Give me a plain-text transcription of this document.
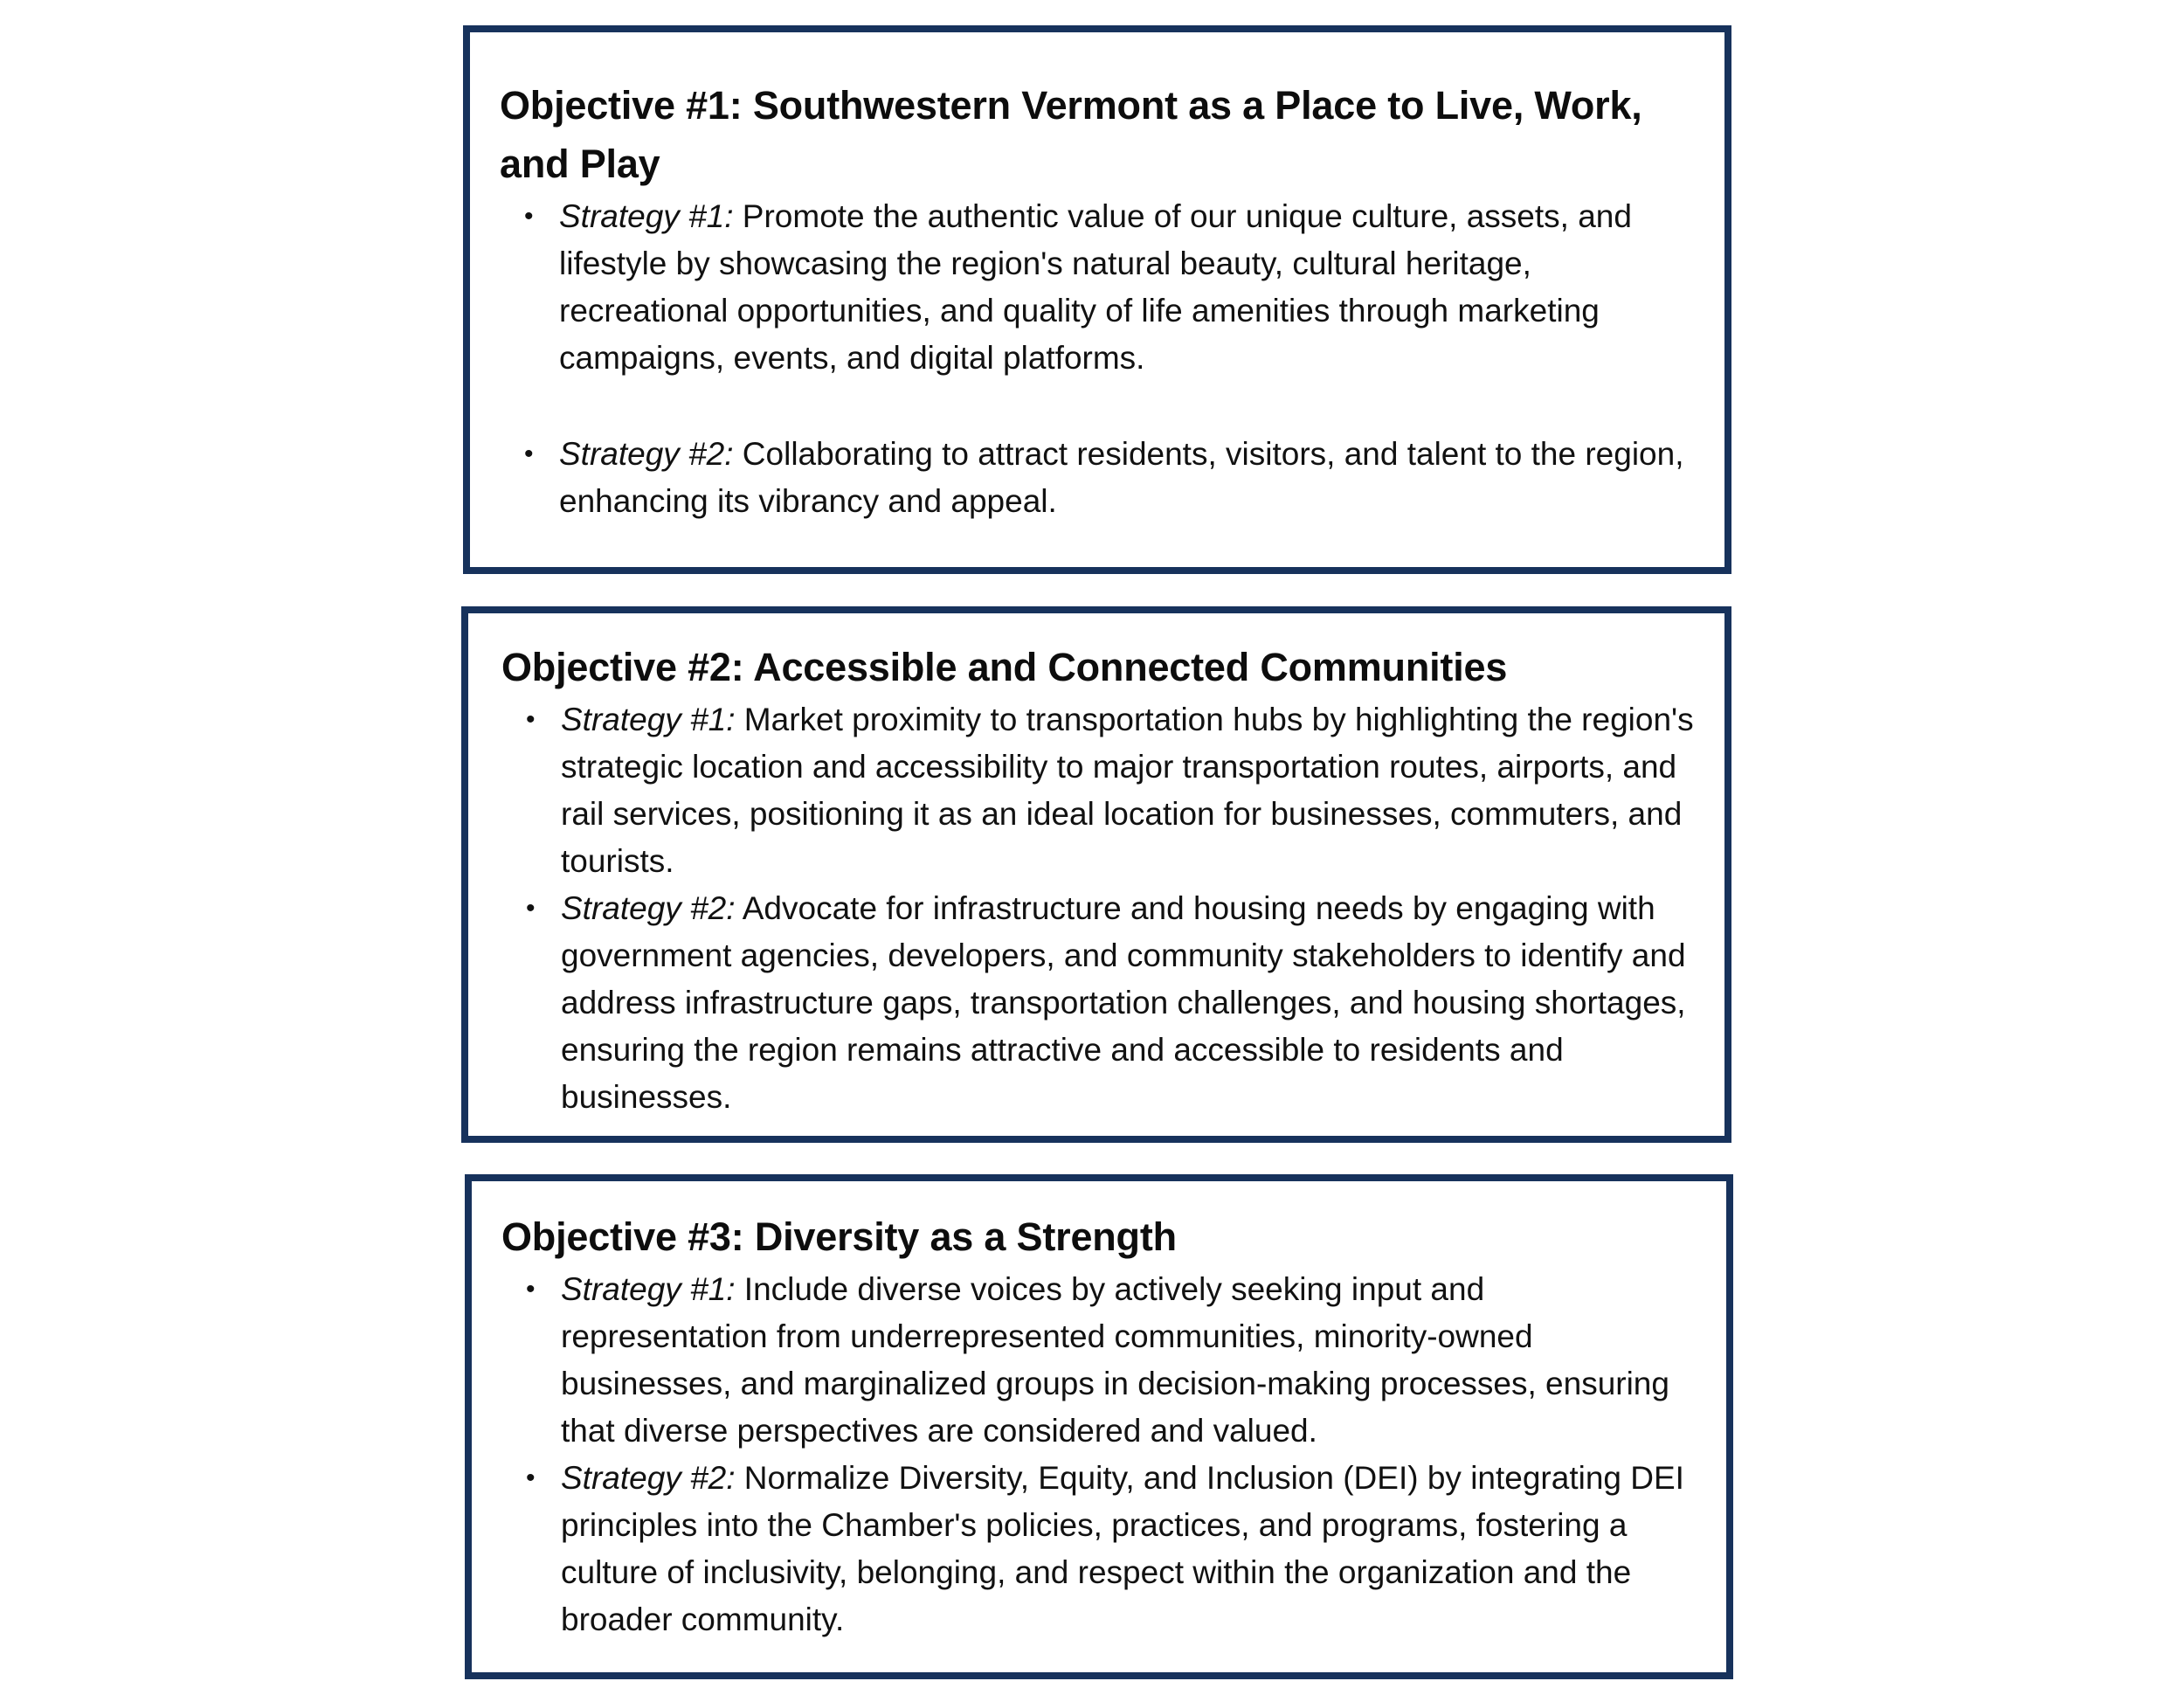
Objective #1: Southwestern Vermont as a Place to Live, Work, and Play
• Strategy #1: Promote the authentic value of our unique culture, assets, and lifestyle by showcasing the region's natural beauty, cultural heritage, recreational opportunities, and quality of life amenities through marketing campaigns, events, and digital platforms.
• Strategy #2: Collaborating to attract residents, visitors, and talent to the region, enhancing its vibrancy and appeal.
Objective #2: Accessible and Connected Communities
• Strategy #1: Market proximity to transportation hubs by highlighting the region's strategic location and accessibility to major transportation routes, airports, and rail services, positioning it as an ideal location for businesses, commuters, and tourists.
• Strategy #2: Advocate for infrastructure and housing needs by engaging with government agencies, developers, and community stakeholders to identify and address infrastructure gaps, transportation challenges, and housing shortages, ensuring the region remains attractive and accessible to residents and businesses.
Objective #3: Diversity as a Strength
• Strategy #1: Include diverse voices by actively seeking input and representation from underrepresented communities, minority-owned businesses, and marginalized groups in decision-making processes, ensuring that diverse perspectives are considered and valued.
• Strategy #2: Normalize Diversity, Equity, and Inclusion (DEI) by integrating DEI principles into the Chamber's policies, practices, and programs, fostering a culture of inclusivity, belonging, and respect within the organization and the broader community.
